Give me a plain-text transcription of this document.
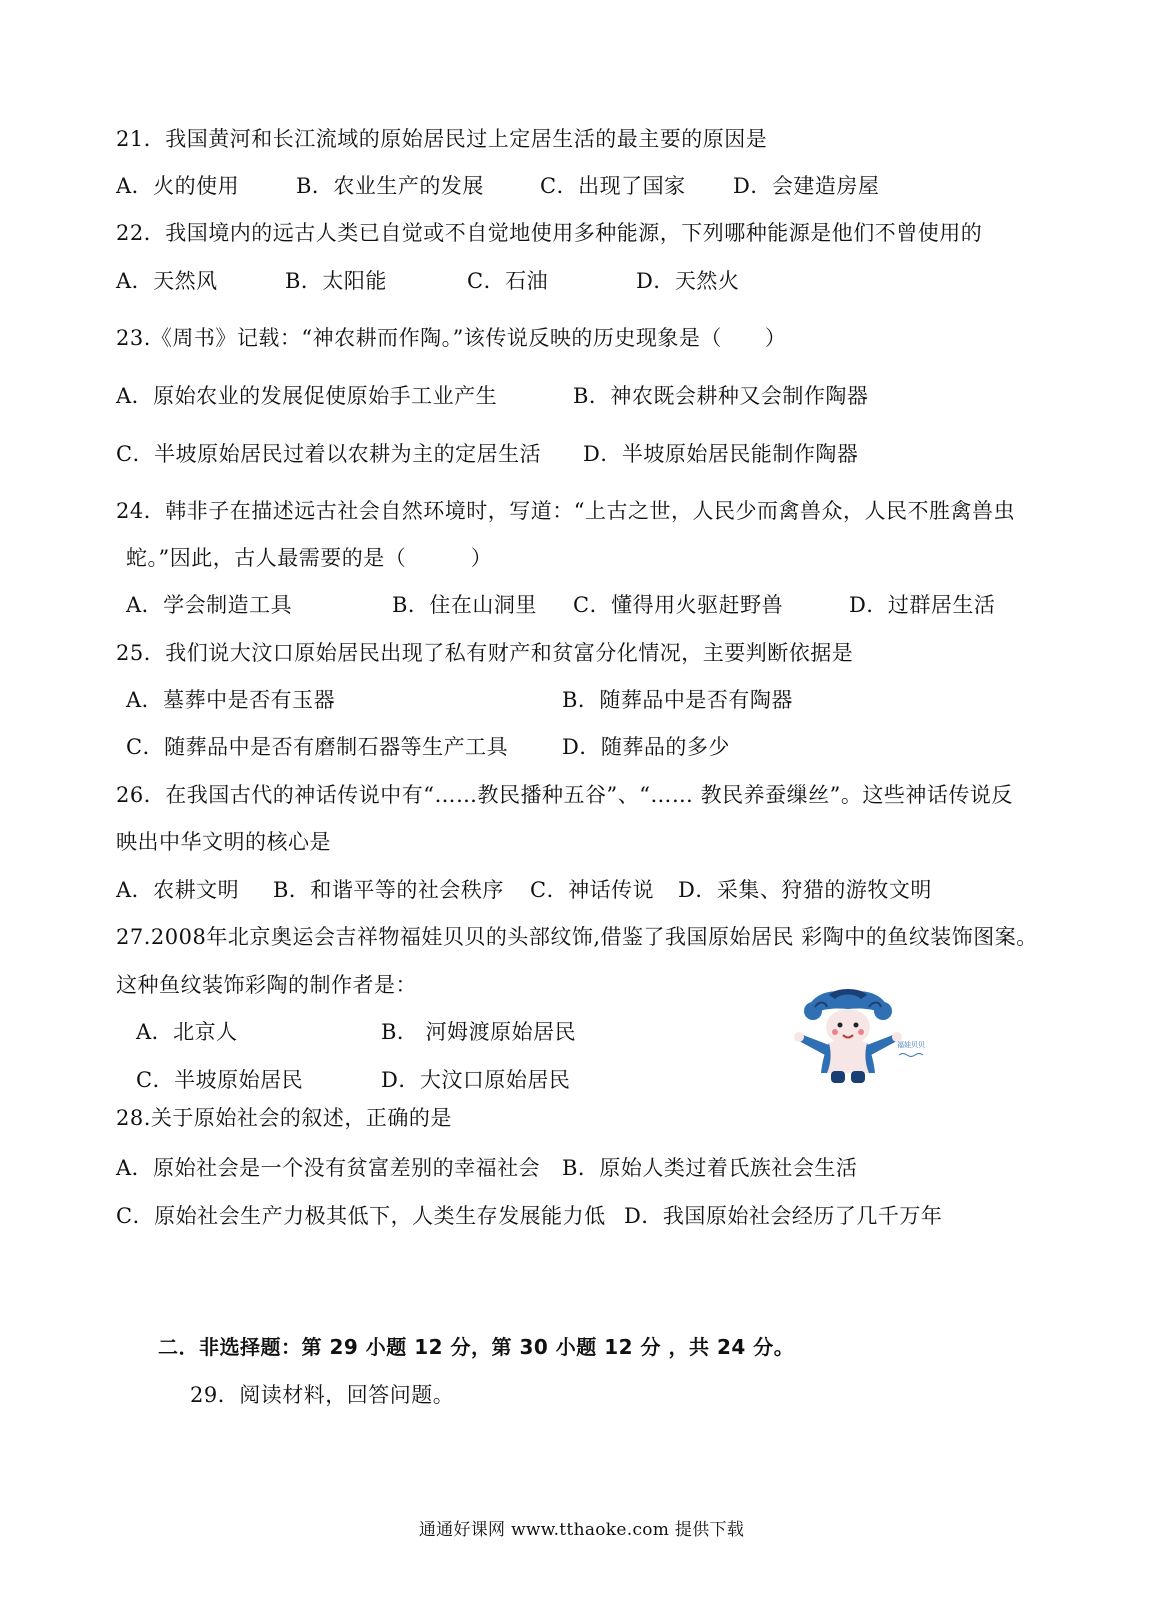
21．我国黄河和长江流域的原始居民过上定居生活的最主要的原因是
A．火的使用	B．农业生产的发展	C．出现了国家 D．会建造房屋
22．我国境内的远古人类已自觉或不自觉地使用多种能源，下列哪种能源是他们不曾使用的
A．天然风	B．太阳能	C．石油	D．天然火
23.《周书》记载：“神农耕而作陶。”该传说反映的历史现象是（　　）
A．原始农业的发展促使原始手工业产生	B．神农既会耕种又会制作陶器
C．半坡原始居民过着以农耕为主的定居生活 D．半坡原始居民能制作陶器
24．韩非子在描述远古社会自然环境时，写道：“上古之世，人民少而禽兽众，人民不胜禽兽虫
蛇。”因此，古人最需要的是（　　　）
A．学会制造工具	B．住在山洞里 C．懂得用火驱赶野兽	D．过群居生活
25．我们说大汶口原始居民出现了私有财产和贫富分化情况，主要判断依据是
A．墓葬中是否有玉器	B．随葬品中是否有陶器
C．随葬品中是否有磨制石器等生产工具	D．随葬品的多少
26．在我国古代的神话传说中有“……教民播种五谷”、“…… 教民养蚕缫丝”。这些神话传说反
映出中华文明的核心是
A．农耕文明 B．和谐平等的社会秩序 C．神话传说 D．采集、狩猎的游牧文明
27.2008年北京奥运会吉祥物福娃贝贝的头部纹饰,借鉴了我国原始居民 彩陶中的鱼纹装饰图案。
这种鱼纹装饰彩陶的制作者是：
A．北京人	B． 河姆渡原始居民
C．半坡原始居民	D．大汶口原始居民
福娃贝贝
28.关于原始社会的叙述，正确的是
A．原始社会是一个没有贫富差别的幸福社会 B．原始人类过着氏族社会生活
C．原始社会生产力极其低下，人类生存发展能力低 D．我国原始社会经历了几千万年
二．非选择题：第 29 小题 12 分，第 30 小题 12 分 ，共 24 分。
29．阅读材料，回答问题。
通通好课网 www.tthaoke.com 提供下载
